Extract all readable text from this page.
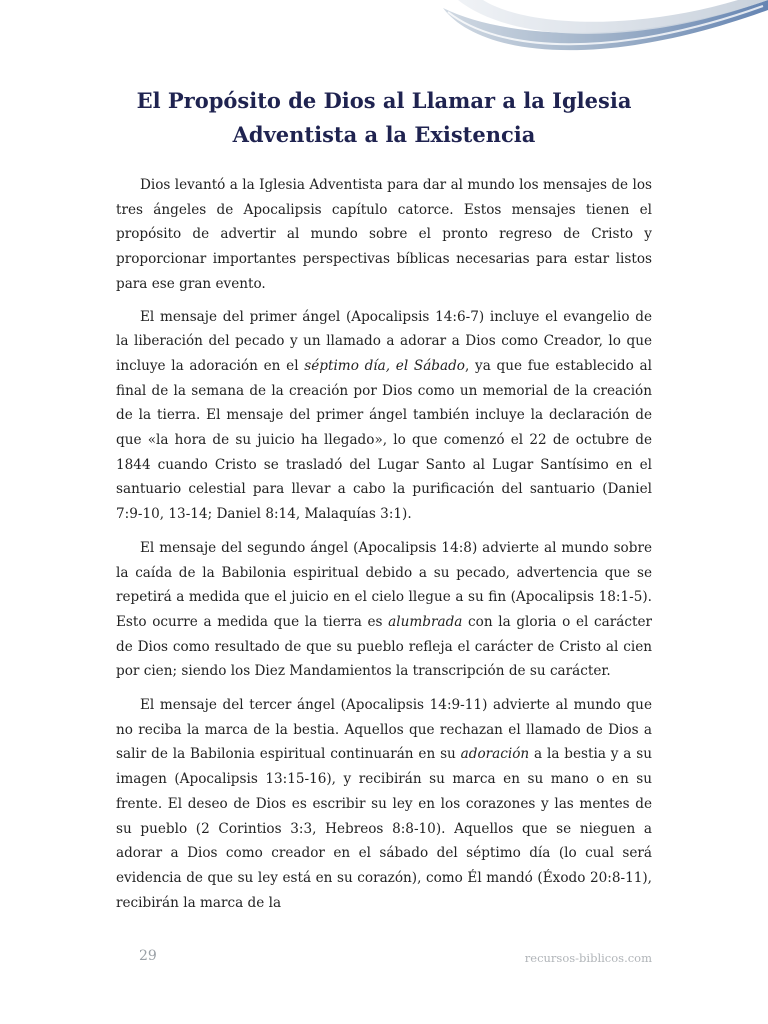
El Propósito de Dios al Llamar a la Iglesia
Adventista a la Existencia

Dios levantó a la Iglesia Adventista para dar al mundo los mensajes de los tres ángeles de Apocalipsis capítulo catorce. Estos mensajes tienen el propósito de advertir al mundo sobre el pronto regreso de Cristo y proporcionar importantes perspectivas bíblicas necesarias para estar listos para ese gran evento.

El mensaje del primer ángel (Apocalipsis 14:6-7) incluye el evangelio de la liberación del pecado y un llamado a adorar a Dios como Creador, lo que incluye la adoración en el séptimo día, el Sábado, ya que fue establecido al final de la semana de la creación por Dios como un memorial de la creación de la tierra. El mensaje del primer ángel también incluye la declaración de que «la hora de su juicio ha llegado», lo que comenzó el 22 de octubre de 1844 cuando Cristo se trasladó del Lugar Santo al Lugar Santísimo en el santuario celestial para llevar a cabo la purificación del santuario (Daniel 7:9-10, 13-14; Daniel 8:14, Malaquías 3:1).

El mensaje del segundo ángel (Apocalipsis 14:8) advierte al mundo sobre la caída de la Babilonia espiritual debido a su pecado, advertencia que se repetirá a medida que el juicio en el cielo llegue a su fin (Apocalipsis 18:1-5). Esto ocurre a medida que la tierra es alumbrada con la gloria o el carácter de Dios como resultado de que su pueblo refleja el carácter de Cristo al cien por cien; siendo los Diez Mandamientos la transcripción de su carácter.

El mensaje del tercer ángel (Apocalipsis 14:9-11) advierte al mundo que no reciba la marca de la bestia. Aquellos que rechazan el llamado de Dios a salir de la Babilonia espiritual continuarán en su adoración a la bestia y a su imagen (Apocalipsis 13:15-16), y recibirán su marca en su mano o en su frente. El deseo de Dios es escribir su ley en los corazones y las mentes de su pueblo (2 Corintios 3:3, Hebreos 8:8-10). Aquellos que se nieguen a adorar a Dios como creador en el sábado del séptimo día (lo cual será evidencia de que su ley está en su corazón), como Él mandó (Éxodo 20:8-11), recibirán la marca de la

29	recursos-biblicos.com
